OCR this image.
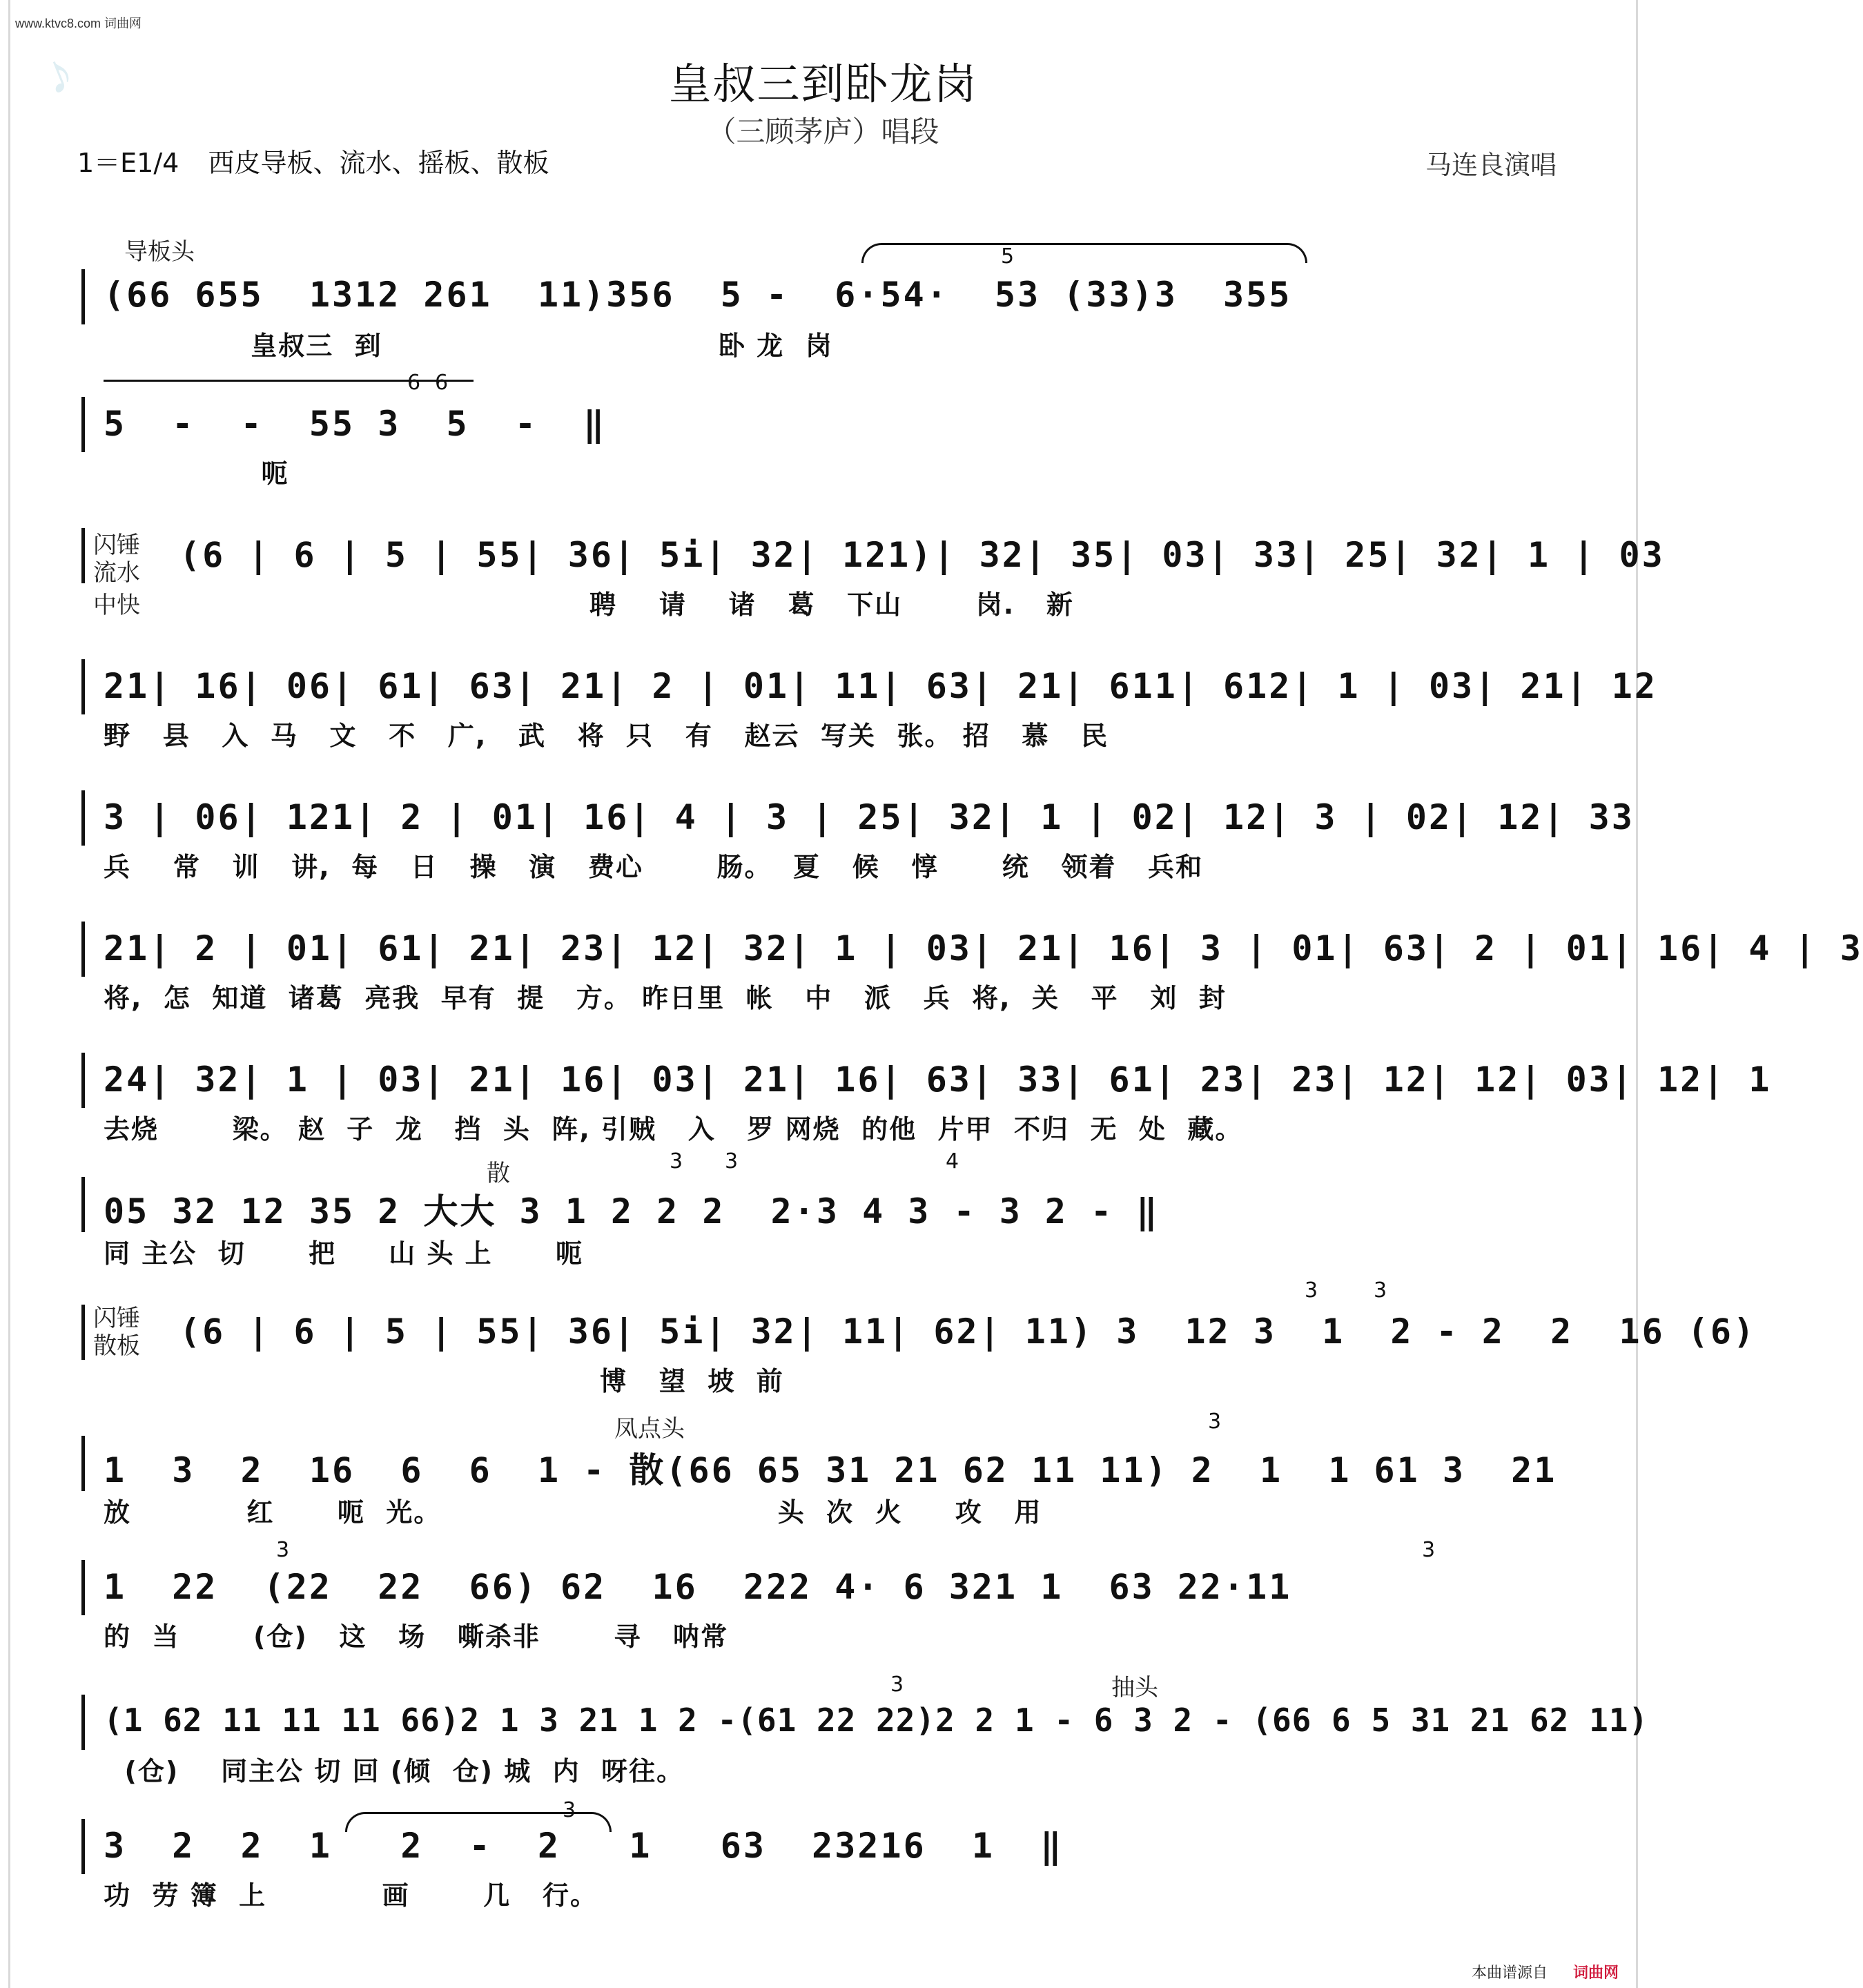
♪
www.ktvc8.com 词曲网
皇叔三到卧龙岗
（三顾茅庐）唱段
1＝E1/4 西皮导板、流水、摇板、散板	马连良演唱
导板头	5
(66 655  1312 261  11)356  5 -  6·54·  53 (33)3  355
皇叔三  到                                卧 龙  岗
6 6
5  -  -  55 3  5  -  ‖
呃
闪锤
流水
中快
(6 | 6 | 5 | 55| 36| 5i| 32| 121)| 32| 35| 03| 33| 25| 32| 1 | 03
聘    请    诸   葛   下山       岗.   新
21| 16| 06| 61| 63| 21| 2 | 01| 11| 63| 21| 611| 612| 1 | 03| 21| 12
野   县   入  马   文   不   广,   武   将  只   有   赵云  写关  张。 招   慕   民
3 | 06| 121| 2 | 01| 16| 4 | 3 | 25| 32| 1 | 02| 12| 3 | 02| 12| 33
兵    常   训   讲,  每   日   操   演   费心       肠。  夏   候   惇      统   领着   兵和
21| 2 | 01| 61| 21| 23| 12| 32| 1 | 03| 21| 16| 3 | 01| 63| 2 | 01| 16| 4 | 3
将,  怎  知道  诸葛  亮我  早有  提   方。 昨日里  帐   中   派   兵  将,  关   平   刘  封
24| 32| 1 | 03| 21| 16| 03| 21| 16| 63| 33| 61| 23| 23| 12| 12| 03| 12| 1
去烧       梁。 赵  子  龙   挡  头  阵, 引贼   入   罗 网烧  的他  片甲  不归  无  处  藏。
散	3 3	4
05 32 12 35 2 大大 3 1 2 2 2  2·3 4 3 - 3 2 - ‖
同 主公  切      把     山 头 上      呃
闪锤
散板
3	3
(6 | 6 | 5 | 55| 36| 5i| 32| 11| 62| 11) 3  12 3  1  2 - 2  2  16 (6)
博   望  坡  前
凤点头	3
1  3  2  16  6  6  1 - 散(66 65 31 21 62 11 11) 2  1  1 61 3  21
放           红      呃  光。                                头  次  火     攻   用
3	3
1  22  (22  22  66) 62  16  222 4· 6 321 1  63 22·11
的  当       (仓)   这   场   嘶杀非       寻   呐常
抽头
3
(1 62 11 11 11 66)2 1 3 21 1 2 -(61 22 22)2 2 1 - 6 3 2 - (66 6 5 31 21 62 11)
(仓)    同主公 切 回 (倾  仓) 城  内  呀往。
3
3  2  2  1   2  -  2   1   63  23216  1  ‖
功  劳 簿  上           画       几   行。
本曲谱源自 词曲网
